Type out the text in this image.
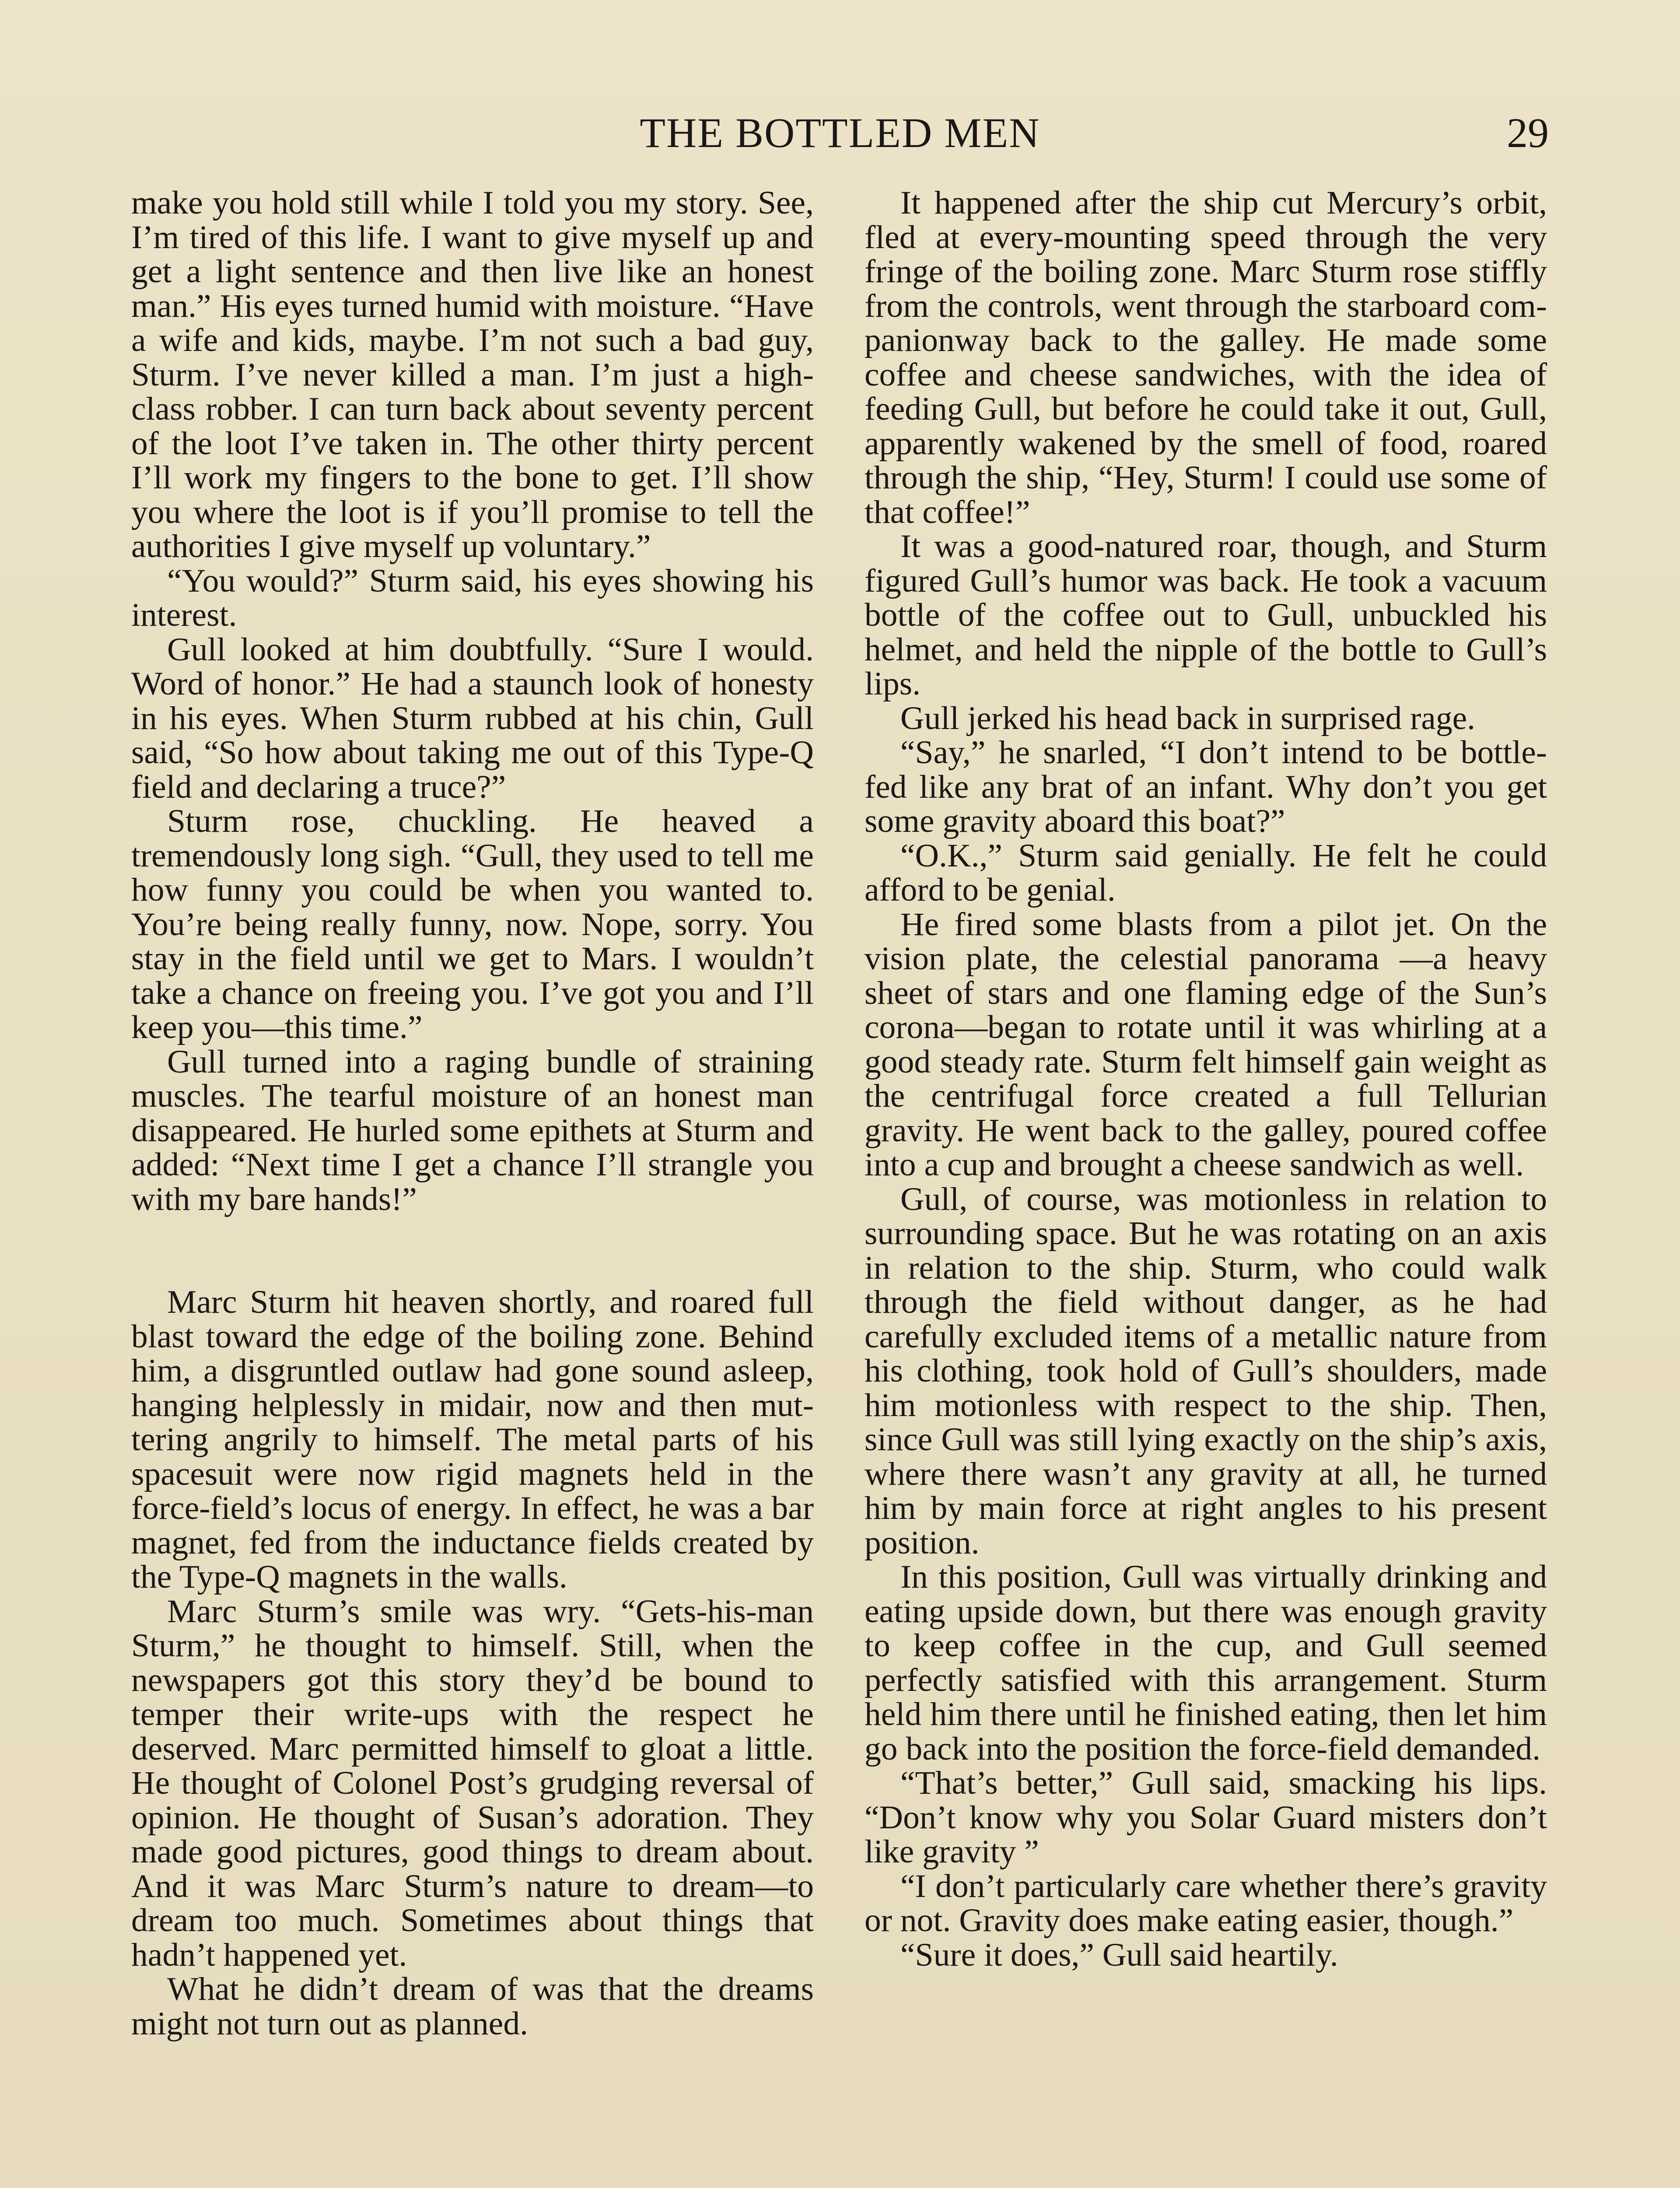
THE BOTTLED MEN	29

make you hold still while I told you my story. See, I’m tired of this life. I want to give myself up and get a light sentence and then live like an honest man.” His eyes turned humid with moisture. “Have a wife and kids, maybe. I’m not such a bad guy, Sturm. I’ve never killed a man. I’m just a high-class robber. I can turn back about seventy percent of the loot I’ve taken in. The other thirty percent I’ll work my fingers to the bone to get. I’ll show you where the loot is if you’ll promise to tell the authorities I give myself up voluntary.”

“You would?” Sturm said, his eyes showing his interest.

Gull looked at him doubtfully. “Sure I would. Word of honor.” He had a staunch look of honesty in his eyes. When Sturm rubbed at his chin, Gull said, “So how about taking me out of this Type-Q field and declaring a truce?”

Sturm rose, chuckling. He heaved a tremendously long sigh. “Gull, they used to tell me how funny you could be when you wanted to. You’re being really funny, now. Nope, sorry. You stay in the field until we get to Mars. I wouldn’t take a chance on freeing you. I’ve got you and I’ll keep you—this time.”

Gull turned into a raging bundle of straining muscles. The tearful moisture of an honest man disappeared. He hurled some epithets at Sturm and added: “Next time I get a chance I’ll strangle you with my bare hands!”

Marc Sturm hit heaven shortly, and roared full blast toward the edge of the boiling zone. Behind him, a disgruntled outlaw had gone sound asleep, hanging helplessly in midair, now and then muttering angrily to himself. The metal parts of his spacesuit were now rigid magnets held in the force-field’s locus of energy. In effect, he was a bar magnet, fed from the inductance fields created by the Type-Q magnets in the walls.

Marc Sturm’s smile was wry. “Gets-his-man Sturm,” he thought to himself. Still, when the newspapers got this story they’d be bound to temper their write-ups with the respect he deserved. Marc permitted himself to gloat a little. He thought of Colonel Post’s grudging reversal of opinion. He thought of Susan’s adoration. They made good pictures, good things to dream about. And it was Marc Sturm’s nature to dream—to dream too much. Sometimes about things that hadn’t happened yet.

What he didn’t dream of was that the dreams might not turn out as planned.

It happened after the ship cut Mercury’s orbit, fled at every-mounting speed through the very fringe of the boiling zone. Marc Sturm rose stiffly from the controls, went through the starboard companionway back to the galley. He made some coffee and cheese sandwiches, with the idea of feeding Gull, but before he could take it out, Gull, apparently wakened by the smell of food, roared through the ship, “Hey, Sturm! I could use some of that coffee!”

It was a good-natured roar, though, and Sturm figured Gull’s humor was back. He took a vacuum bottle of the coffee out to Gull, unbuckled his helmet, and held the nipple of the bottle to Gull’s lips.

Gull jerked his head back in surprised rage.

“Say,” he snarled, “I don’t intend to be bottle-fed like any brat of an infant. Why don’t you get some gravity aboard this boat?”

“O.K.,” Sturm said genially. He felt he could afford to be genial.

He fired some blasts from a pilot jet. On the vision plate, the celestial panorama —a heavy sheet of stars and one flaming edge of the Sun’s corona—began to rotate until it was whirling at a good steady rate. Sturm felt himself gain weight as the centrifugal force created a full Tellurian gravity. He went back to the galley, poured coffee into a cup and brought a cheese sandwich as well.

Gull, of course, was motionless in relation to surrounding space. But he was rotating on an axis in relation to the ship. Sturm, who could walk through the field without danger, as he had carefully excluded items of a metallic nature from his clothing, took hold of Gull’s shoulders, made him motionless with respect to the ship. Then, since Gull was still lying exactly on the ship’s axis, where there wasn’t any gravity at all, he turned him by main force at right angles to his present position.

In this position, Gull was virtually drinking and eating upside down, but there was enough gravity to keep coffee in the cup, and Gull seemed perfectly satisfied with this arrangement. Sturm held him there until he finished eating, then let him go back into the position the force-field demanded.

“That’s better,” Gull said, smacking his lips. “Don’t know why you Solar Guard misters don’t like gravity ”

“I don’t particularly care whether there’s gravity or not. Gravity does make eating easier, though.”

“Sure it does,” Gull said heartily.
